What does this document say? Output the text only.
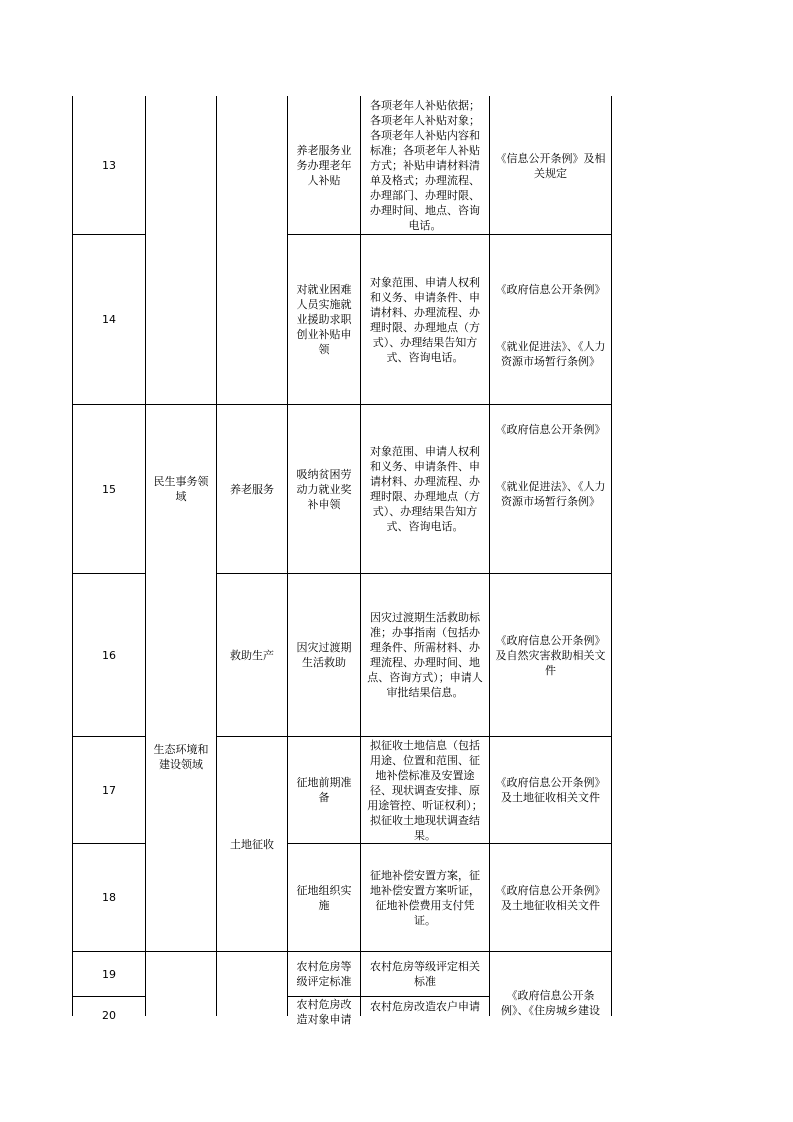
13
养老服务业务办理老年人补贴
各项老年人补贴依据；各项老年人补贴对象；各项老年人补贴内容和标准；各项老年人补贴方式；补贴申请材料清单及格式；办理流程、办理部门、办理时限、办理时间、地点、咨询电话。
《信息公开条例》及相关规定
14
对就业困难人员实施就业援助求职创业补贴申领
对象范围、申请人权利和义务、申请条件、申请材料、办理流程、办理时限、办理地点（方式）、办理结果告知方式、咨询电话。
《政府信息公开条例》
《就业促进法》、《人力资源市场暂行条例》
15
民生事务领域
养老服务
吸纳贫困劳动力就业奖补申领
对象范围、申请人权利和义务、申请条件、申请材料、办理流程、办理时限、办理地点（方式）、办理结果告知方式、咨询电话。
《政府信息公开条例》
《就业促进法》、《人力资源市场暂行条例》
16	救助生产
因灾过渡期生活救助
因灾过渡期生活救助标准；办事指南（包括办理条件、所需材料、办理流程、办理时间、地点、咨询方式）；申请人审批结果信息。
《政府信息公开条例》及自然灾害救助相关文件
生态环境和建设领域
17
征地前期准备
拟征收土地信息（包括用途、位置和范围、征地补偿标准及安置途径、现状调查安排、原用途管控、听证权利）；拟征收土地现状调查结果。
《政府信息公开条例》及土地征收相关文件
土地征收
18
征地组织实施
征地补偿安置方案，征地补偿安置方案听证，征地补偿费用支付凭证。
《政府信息公开条例》及土地征收相关文件
19
农村危房等级评定标准
农村危房等级评定相关标准
20
农村危房改造对象申请
农村危房改造农户申请
《政府信息公开条例》、《住房城乡建设
